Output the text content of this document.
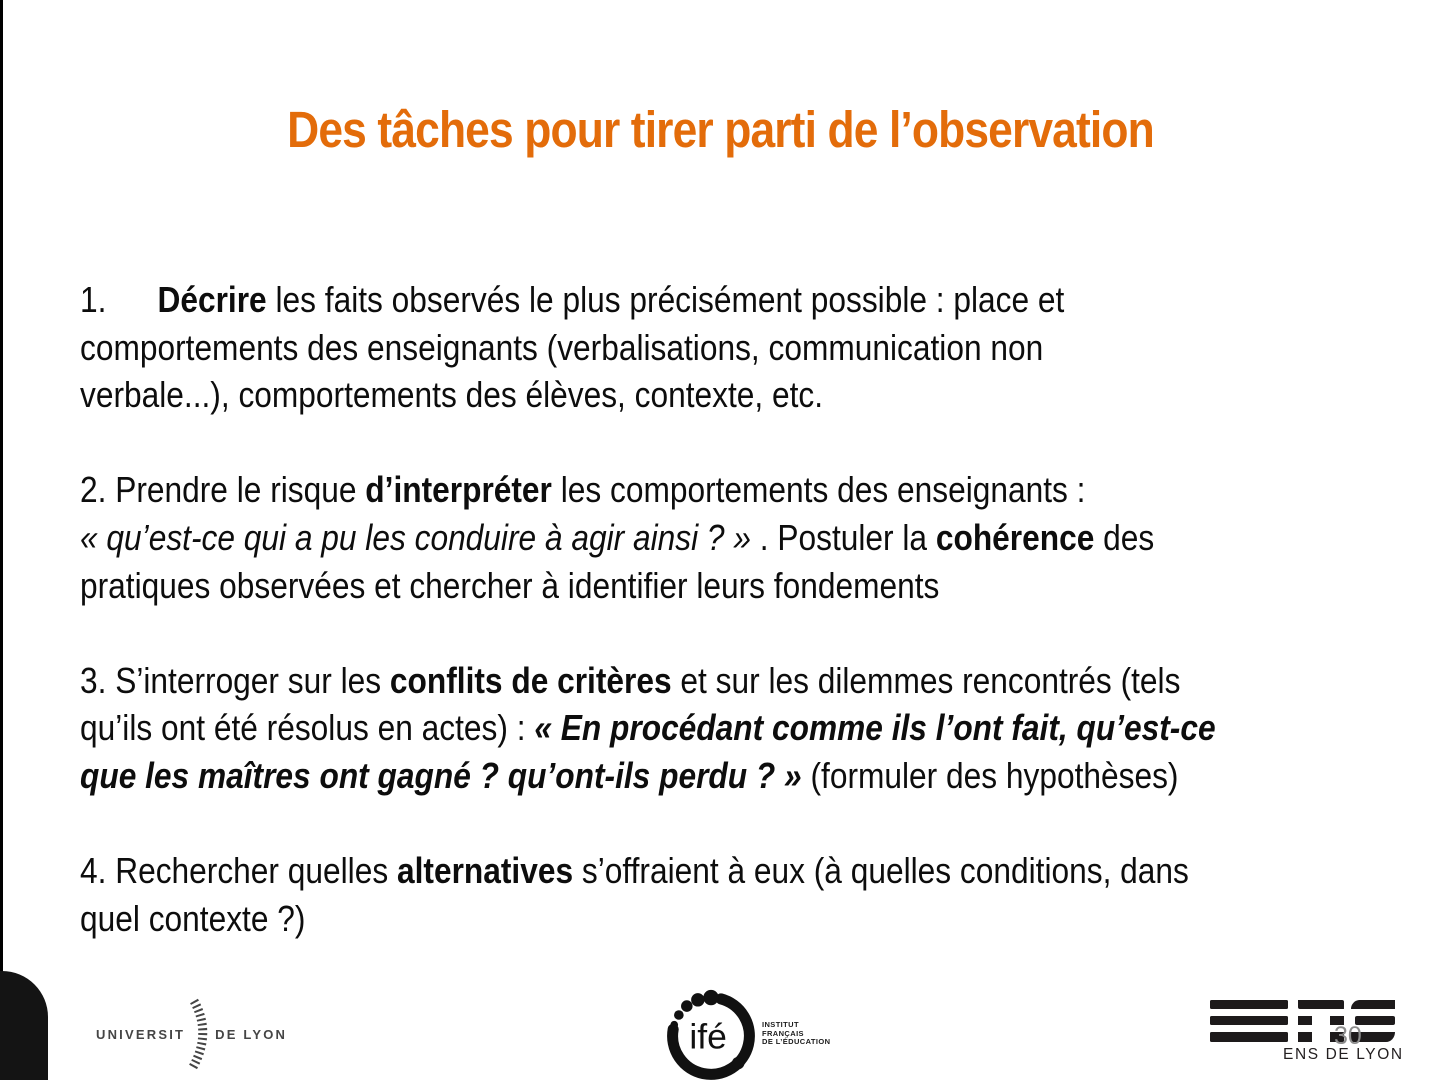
Des tâches pour tirer parti de l’observation
1. Décrire les faits observés le plus précisément possible : place et
comportements des enseignants (verbalisations, communication non
verbale...), comportements des élèves, contexte, etc.
2. Prendre le risque d’interpréter les comportements des enseignants :
« qu’est-ce qui a pu les conduire à agir ainsi ? » . Postuler la cohérence des
pratiques observées et chercher à identifier leurs fondements
3. S’interroger sur les conflits de critères et sur les dilemmes rencontrés (tels
qu’ils ont été résolus en actes) : « En procédant comme ils l’ont fait, qu’est-ce
que les maîtres ont gagné ? qu’ont-ils perdu ? » (formuler des hypothèses)
4. Rechercher quelles alternatives s’offraient à eux (à quelles conditions, dans
quel contexte ?)
UNIVERSIT DE LYON	ifé	INSTITUT
FRANÇAIS
DE L’ÉDUCATION	30
ENS DE LYON
